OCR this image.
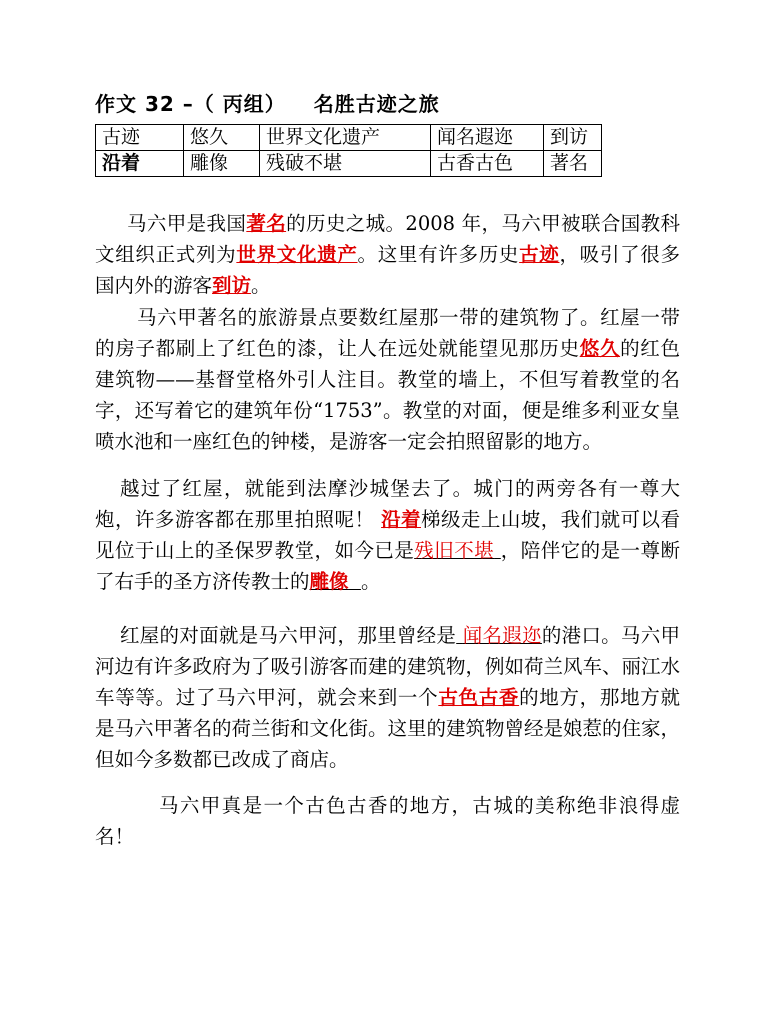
作文 32 –（ 丙组） 名胜古迹之旅
古迹	悠久	世界文化遗产	闻名遐迩	到访
沿着	雕像	残破不堪	古香古色	著名
马六甲是我国著名的历史之城。2008 年，马六甲被联合国教科文组织正式列为世界文化遗产。这里有许多历史古迹，吸引了很多国内外的游客到访。
马六甲著名的旅游景点要数红屋那一带的建筑物了。红屋一带的房子都刷上了红色的漆，让人在远处就能望见那历史悠久的红色建筑物——基督堂格外引人注目。教堂的墙上，不但写着教堂的名字，还写着它的建筑年份“1753”。教堂的对面，便是维多利亚女皇喷水池和一座红色的钟楼，是游客一定会拍照留影的地方。
越过了红屋，就能到法摩沙城堡去了。城门的两旁各有一尊大炮，许多游客都在那里拍照呢！ 沿着梯级走上山坡，我们就可以看见位于山上的圣保罗教堂，如今已是残旧不堪 ，陪伴它的是一尊断了右手的圣方济传教士的雕像 。
红屋的对面就是马六甲河，那里曾经是 闻名遐迩的港口。马六甲河边有许多政府为了吸引游客而建的建筑物，例如荷兰风车、丽江水车等等。过了马六甲河，就会来到一个古色古香的地方，那地方就是马六甲著名的荷兰街和文化街。这里的建筑物曾经是娘惹的住家，但如今多数都已改成了商店。
马六甲真是一个古色古香的地方，古城的美称绝非浪得虚名！
